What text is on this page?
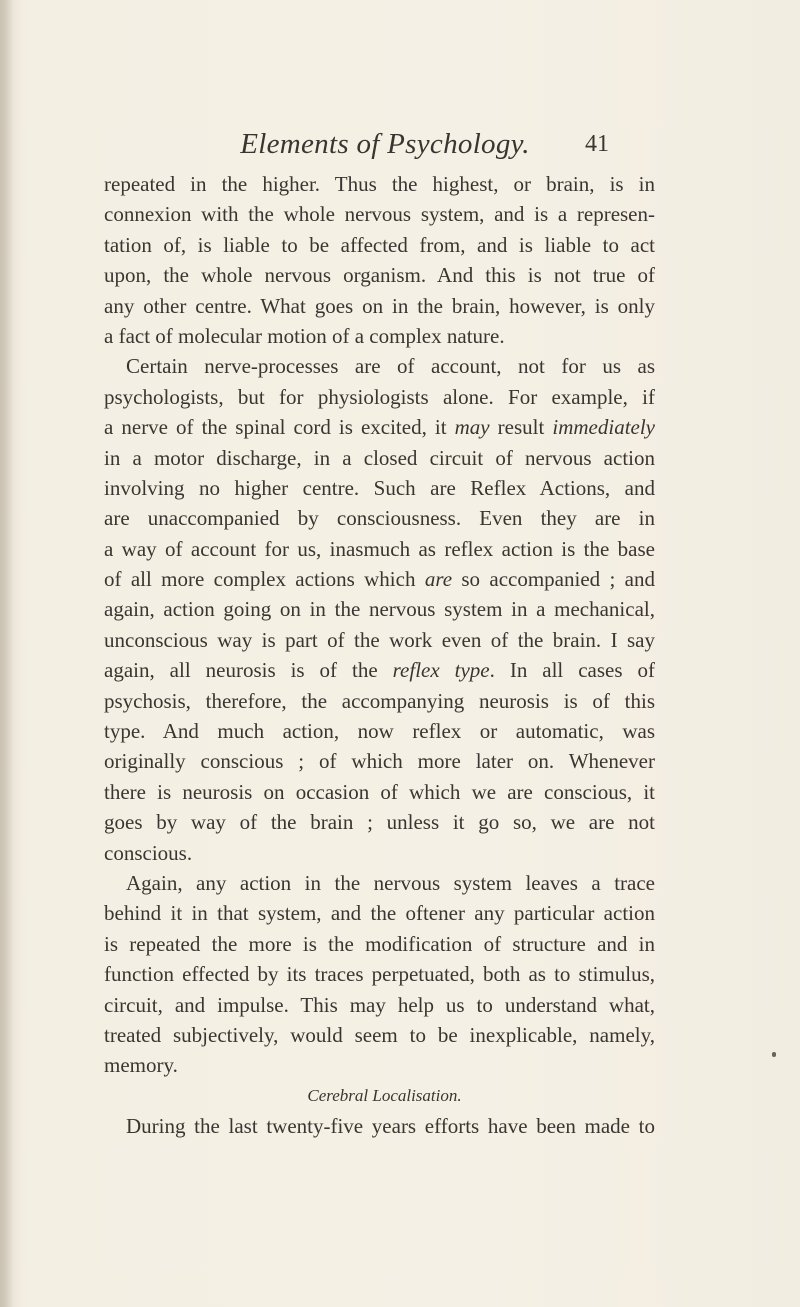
Elements of Psychology.	41
repeated in the higher. Thus the highest, or brain, is in
connexion with the whole nervous system, and is a represen-
tation of, is liable to be affected from, and is liable to act
upon, the whole nervous organism. And this is not true of
any other centre. What goes on in the brain, however, is only
a fact of molecular motion of a complex nature.
Certain nerve-processes are of account, not for us as
psychologists, but for physiologists alone. For example, if
a nerve of the spinal cord is excited, it may result immediately
in a motor discharge, in a closed circuit of nervous action
involving no higher centre. Such are Reflex Actions, and
are unaccompanied by consciousness. Even they are in
a way of account for us, inasmuch as reflex action is the base
of all more complex actions which are so accompanied ; and
again, action going on in the nervous system in a mechanical,
unconscious way is part of the work even of the brain. I say
again, all neurosis is of the reflex type. In all cases of
psychosis, therefore, the accompanying neurosis is of this
type. And much action, now reflex or automatic, was
originally conscious ; of which more later on. Whenever
there is neurosis on occasion of which we are conscious, it
goes by way of the brain ; unless it go so, we are not
conscious.
Again, any action in the nervous system leaves a trace
behind it in that system, and the oftener any particular action
is repeated the more is the modification of structure and in
function effected by its traces perpetuated, both as to stimulus,
circuit, and impulse. This may help us to understand what,
treated subjectively, would seem to be inexplicable, namely,
memory.
Cerebral Localisation.
During the last twenty-five years efforts have been made to
